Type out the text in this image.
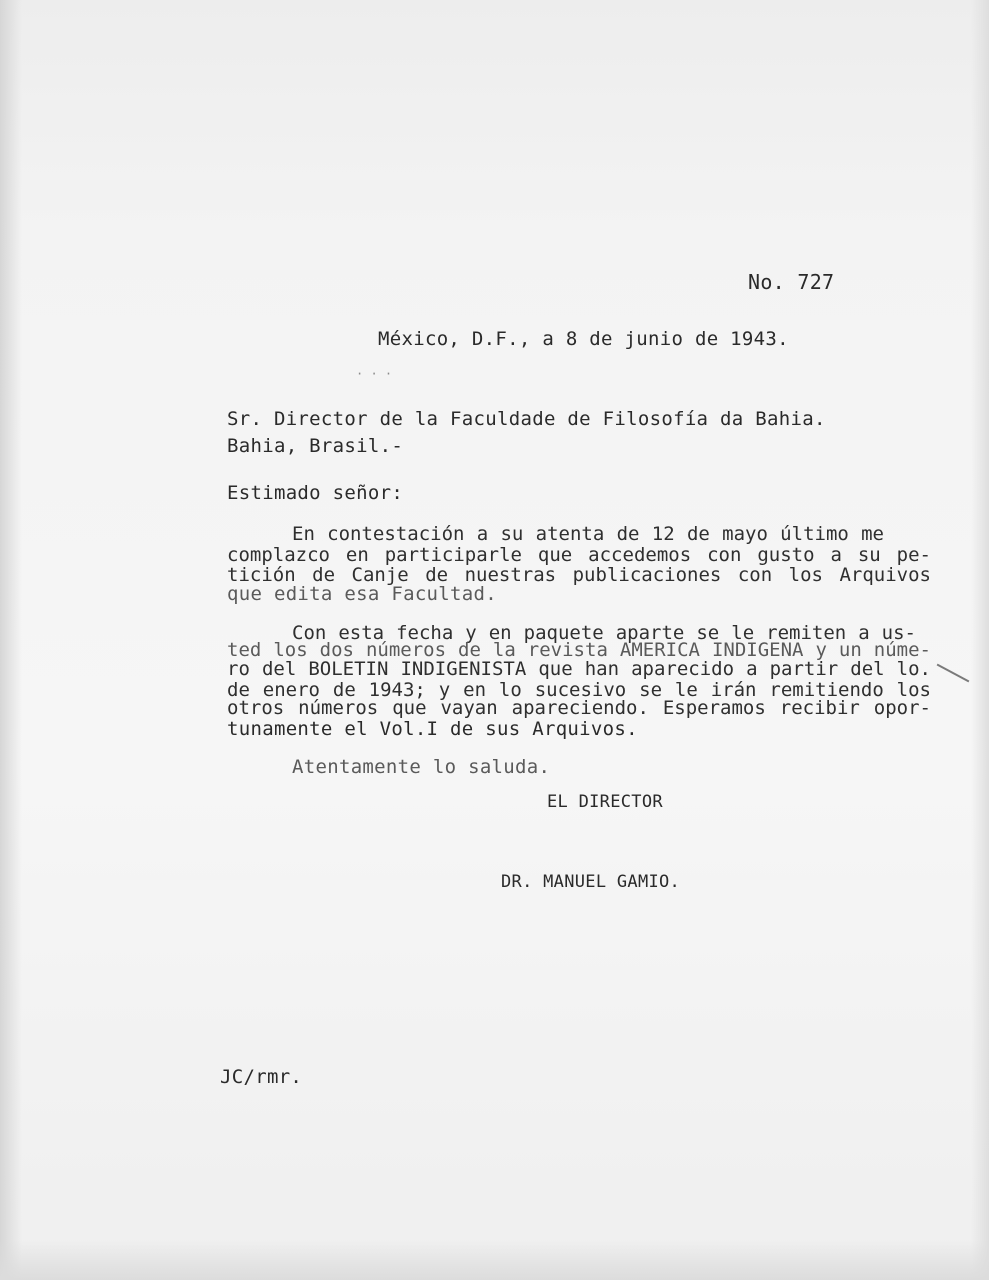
No. 727
México, D.F., a 8 de junio de 1943.
· · ·
Sr. Director de la Faculdade de Filosofía da Bahia.
Bahia, Brasil.-
Estimado señor:
En contestación a su atenta de 12 de mayo último me
complazco en participarle que accedemos con gusto a su pe-
tición de Canje de nuestras publicaciones con los Arquivos
que edita esa Facultad.
Con esta fecha y en paquete aparte se le remiten a us-
ted los dos números de la revista AMERICA INDIGENA y un núme-
ro del BOLETIN INDIGENISTA que han aparecido a partir del lo.
de enero de 1943; y en lo sucesivo se le irán remitiendo los
otros números que vayan apareciendo. Esperamos recibir opor-
tunamente el Vol.I de sus Arquivos.
Atentamente lo saluda.
EL DIRECTOR
DR. MANUEL GAMIO.
JC/rmr.
